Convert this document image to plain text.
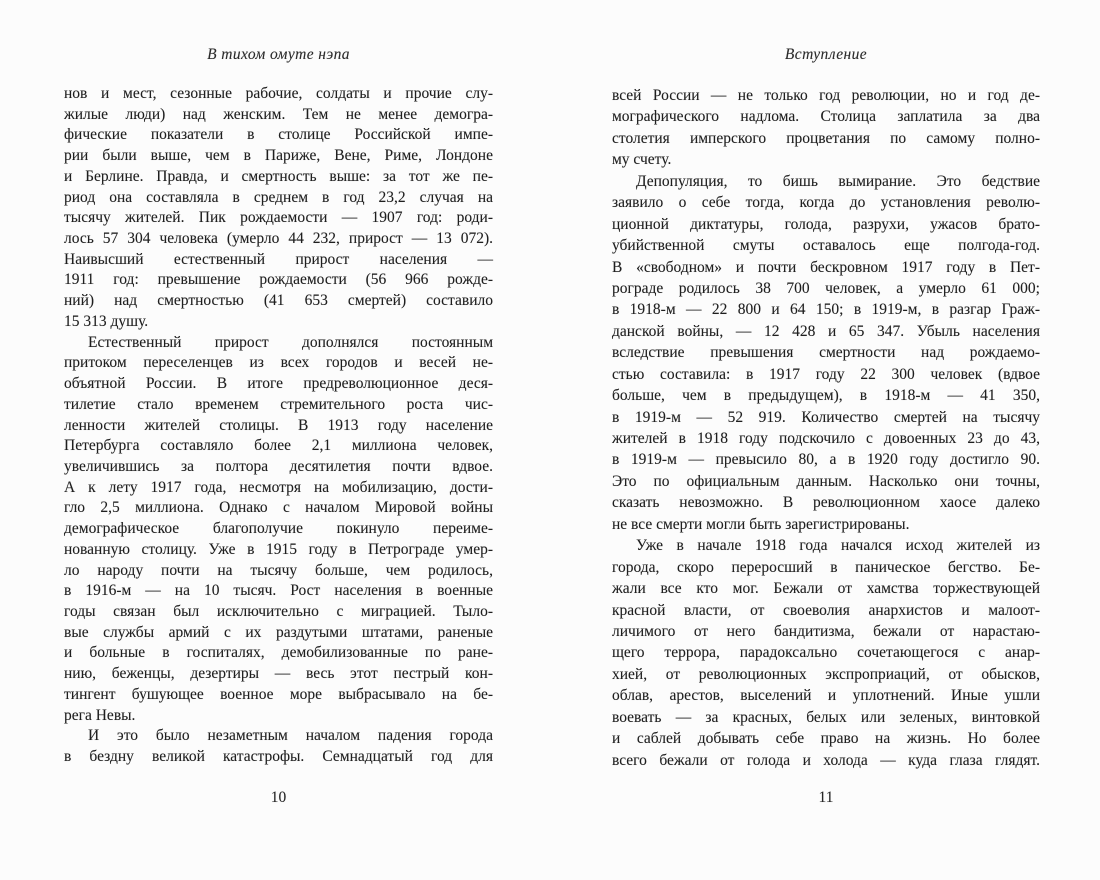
В тихом омуте нэпа
нов и мест, сезонные рабочие, солдаты и прочие слу-
жилые люди) над женским. Тем не менее демогра-
фические показатели в столице Российской импе-
рии были выше, чем в Париже, Вене, Риме, Лондоне
и Берлине. Правда, и смертность выше: за тот же пе-
риод она составляла в среднем в год 23,2 случая на
тысячу жителей. Пик рождаемости — 1907 год: роди-
лось 57 304 человека (умерло 44 232, прирост — 13 072).
Наивысший естественный прирост населения —
1911 год: превышение рождаемости (56 966 рожде-
ний) над смертностью (41 653 смертей) составило
15 313 душу.
Естественный прирост дополнялся постоянным
притоком переселенцев из всех городов и весей не-
объятной России. В итоге предреволюционное деся-
тилетие стало временем стремительного роста чис-
ленности жителей столицы. В 1913 году население
Петербурга составляло более 2,1 миллиона человек,
увеличившись за полтора десятилетия почти вдвое.
А к лету 1917 года, несмотря на мобилизацию, дости-
гло 2,5 миллиона. Однако с началом Мировой войны
демографическое благополучие покинуло переиме-
нованную столицу. Уже в 1915 году в Петрограде умер-
ло народу почти на тысячу больше, чем родилось,
в 1916-м — на 10 тысяч. Рост населения в военные
годы связан был исключительно с миграцией. Тыло-
вые службы армий с их раздутыми штатами, раненые
и больные в госпиталях, демобилизованные по ране-
нию, беженцы, дезертиры — весь этот пестрый кон-
тингент бушующее военное море выбрасывало на бе-
рега Невы.
И это было незаметным началом падения города
в бездну великой катастрофы. Семнадцатый год для
10
Вступление
всей России — не только год революции, но и год де-
мографического надлома. Столица заплатила за два
столетия имперского процветания по самому полно-
му счету.
Депопуляция, то бишь вымирание. Это бедствие
заявило о себе тогда, когда до установления револю-
ционной диктатуры, голода, разрухи, ужасов брато-
убийственной смуты оставалось еще полгода-год.
В «свободном» и почти бескровном 1917 году в Пет-
рограде родилось 38 700 человек, а умерло 61 000;
в 1918-м — 22 800 и 64 150; в 1919-м, в разгар Граж-
данской войны, — 12 428 и 65 347. Убыль населения
вследствие превышения смертности над рождаемо-
стью составила: в 1917 году 22 300 человек (вдвое
больше, чем в предыдущем), в 1918-м — 41 350,
в 1919-м — 52 919. Количество смертей на тысячу
жителей в 1918 году подскочило с довоенных 23 до 43,
в 1919-м — превысило 80, а в 1920 году достигло 90.
Это по официальным данным. Насколько они точны,
сказать невозможно. В революционном хаосе далеко
не все смерти могли быть зарегистрированы.
Уже в начале 1918 года начался исход жителей из
города, скоро переросший в паническое бегство. Бе-
жали все кто мог. Бежали от хамства торжествующей
красной власти, от своеволия анархистов и малоот-
личимого от него бандитизма, бежали от нарастаю-
щего террора, парадоксально сочетающегося с анар-
хией, от революционных экспроприаций, от обысков,
облав, арестов, выселений и уплотнений. Иные ушли
воевать — за красных, белых или зеленых, винтовкой
и саблей добывать себе право на жизнь. Но более
всего бежали от голода и холода — куда глаза глядят.
11
